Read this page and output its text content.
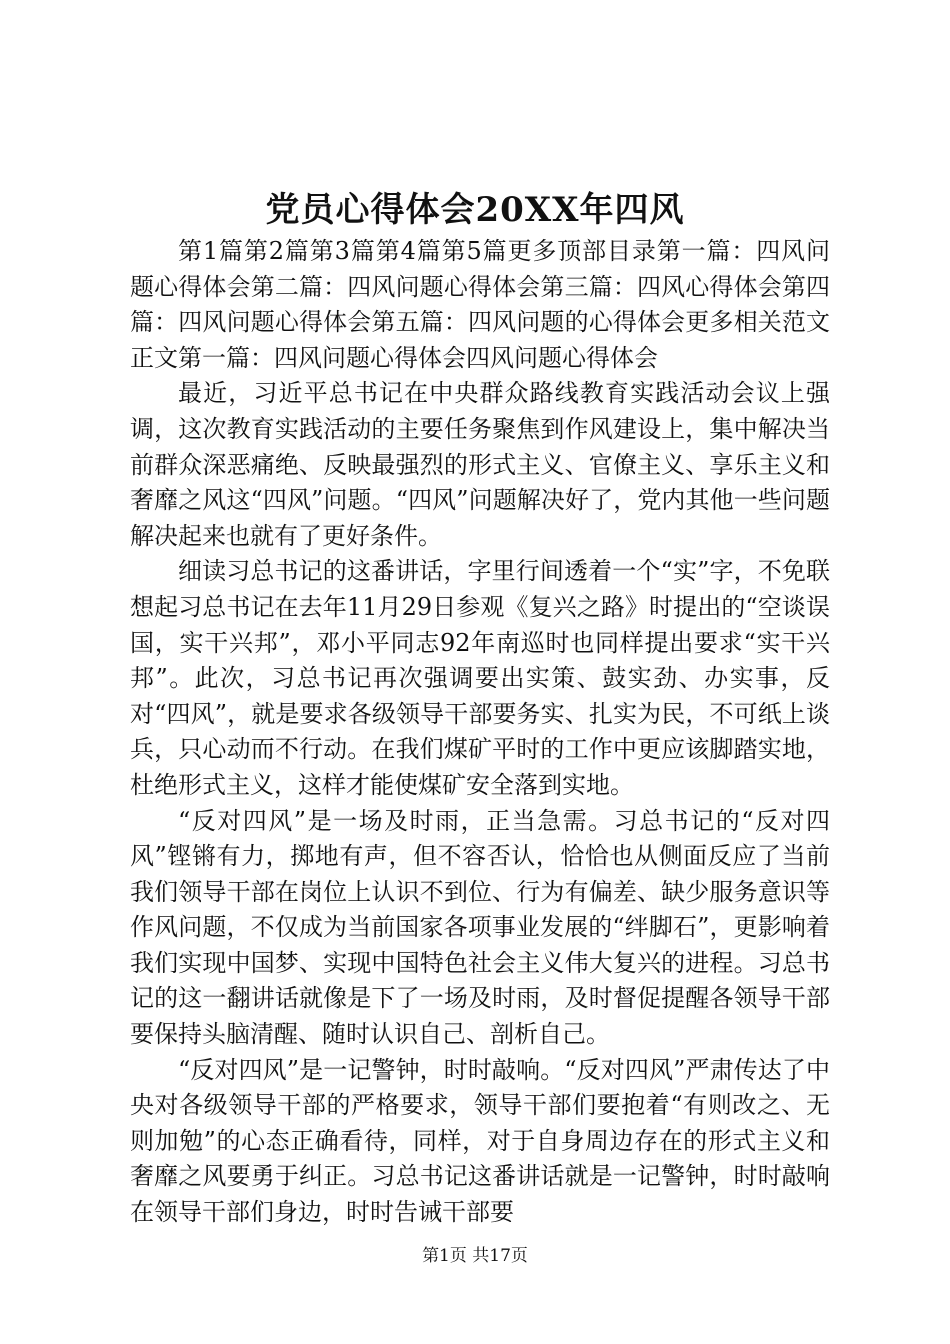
党员心得体会20XX年四风

第1篇第2篇第3篇第4篇第5篇更多顶部目录第一篇：四风问题心得体会第二篇：四风问题心得体会第三篇：四风心得体会第四篇：四风问题心得体会第五篇：四风问题的心得体会更多相关范文正文第一篇：四风问题心得体会四风问题心得体会

最近，习近平总书记在中央群众路线教育实践活动会议上强调，这次教育实践活动的主要任务聚焦到作风建设上，集中解决当前群众深恶痛绝、反映最强烈的形式主义、官僚主义、享乐主义和奢靡之风这“四风”问题。“四风”问题解决好了，党内其他一些问题解决起来也就有了更好条件。

细读习总书记的这番讲话，字里行间透着一个“实”字，不免联想起习总书记在去年11月29日参观《复兴之路》时提出的“空谈误国，实干兴邦”，邓小平同志92年南巡时也同样提出要求“实干兴邦”。此次，习总书记再次强调要出实策、鼓实劲、办实事，反对“四风”，就是要求各级领导干部要务实、扎实为民，不可纸上谈兵，只心动而不行动。在我们煤矿平时的工作中更应该脚踏实地，杜绝形式主义，这样才能使煤矿安全落到实地。

“反对四风”是一场及时雨，正当急需。习总书记的“反对四风”铿锵有力，掷地有声，但不容否认，恰恰也从侧面反应了当前我们领导干部在岗位上认识不到位、行为有偏差、缺少服务意识等作风问题，不仅成为当前国家各项事业发展的“绊脚石”，更影响着我们实现中国梦、实现中国特色社会主义伟大复兴的进程。习总书记的这一翻讲话就像是下了一场及时雨，及时督促提醒各领导干部要保持头脑清醒、随时认识自己、剖析自己。

“反对四风”是一记警钟，时时敲响。“反对四风”严肃传达了中央对各级领导干部的严格要求，领导干部们要抱着“有则改之、无则加勉”的心态正确看待，同样，对于自身周边存在的形式主义和奢靡之风要勇于纠正。习总书记这番讲话就是一记警钟，时时敲响在领导干部们身边，时时告诫干部要

第1页 共17页
